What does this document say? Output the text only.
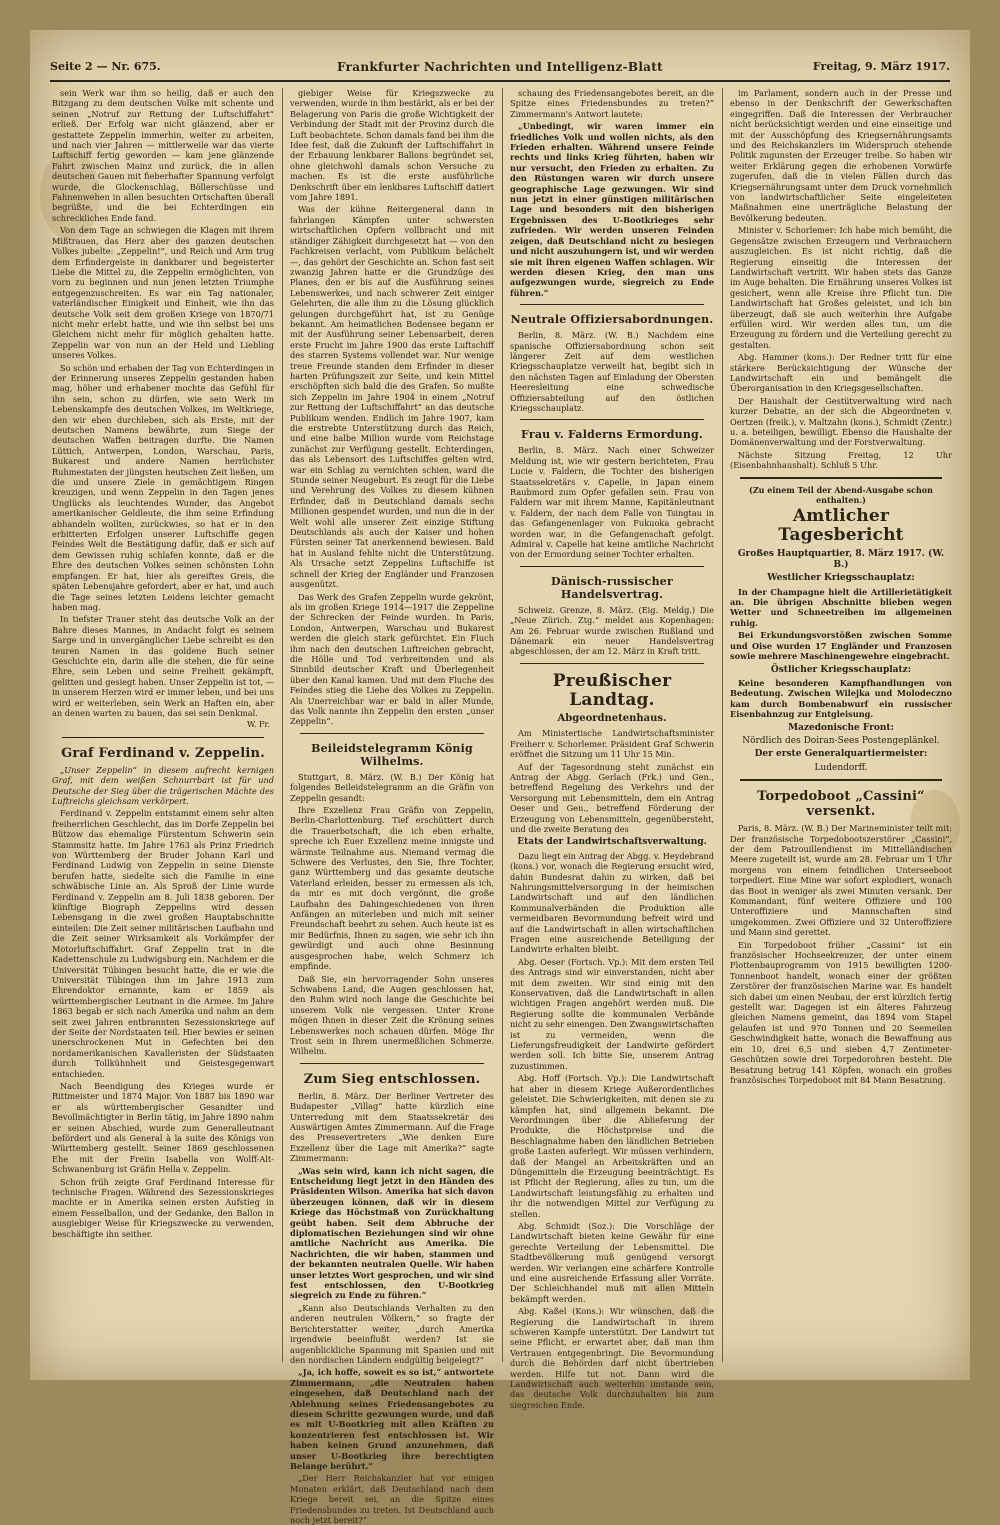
Seite 2 — Nr. 675.	Frankfurter Nachrichten und Intelligenz-Blatt	Freitag, 9. März 1917.

sein Werk war ihm so heilig, daß er auch den Bitzgang zu dem deutschen Volke mit schente und seinen „Notruf zur Rettung der Luftschiffahrt“ erließ. Der Erfolg war nicht glänzend, aber er gestattete Zeppelin immerhin, weiter zu arbeiten, und nach vier Jahren — mittlerweile war das vierte Luftschiff fertig geworden — kam jene glänzende Fahrt zwischen Mainz und zurück, die in allen deutschen Gauen mit fieberhafter Spannung verfolgt wurde, die Glockenschlag, Böllerschüsse und Fahnenwehen in allen besuchten Ortschaften überall begrüßte, und die bei Echterdingen ein schreckliches Ende fand.

Von dem Tage an schwiegen die Klagen mit ihrem Mißtrauen, das Herz aber des ganzen deutschen Volkes jubelte: „Zeppelin!“, und Reich und Arm trug dem Erfindergeiste in dankbarer und begeisterter Liebe die Mittel zu, die Zeppelin ermöglichten, von vorn zu beginnen und nun jenen letzten Triumphe entgegenzuschreiten. Es war ein Tag nationaler, vaterländischer Einigkeit und Einheit, wie ihn das deutsche Volk seit dem großen Kriege von 1870/71 nicht mehr erlebt hatte, und wie ihn selbst bei uns Gleichem nicht mehr für möglich gehalten hatte. Zeppelin war von nun an der Held und Liebling unseres Volkes.

So schön und erhaben der Tag von Echterdingen in der Erinnerung unseres Zeppelin gestanden haben mag, höher und erhabener mochte das Gefühl für ihn sein, schon zu dürfen, wie sein Werk im Lebenskampfe des deutschen Volkes, im Weltkriege, den wir eben durchleben, sich als Erste, mit der deutschen Namens bewährte, zum Siege der deutschen Waffen beitragen durfte. Die Namen Lüttich, Antwerpen, London, Warschau, Paris, Bukarest und andere Namen herrlichster Ruhmestaten der jüngsten heutschen Zeit ließen, um die und unsere Ziele in gemächtigem Ringen kreuzigen, und wenn Zeppelin in den Tagen jenes Unglücks als leuchtendes Wunder, das Angebot amerikanischer Geldleute, die ihm seine Erfindung abhandeln wollten, zurückwies, so hat er in den erbitterten Erfolgen unserer Luftschiffe gegen Feindes Welt die Bestätigung dafür, daß er sich auf dem Gewissen ruhig schlafen konnte, daß er die Ehre des deutschen Volkes seinen schönsten Lohn empfangen. Er hat, hier als gereiftes Greis, die späten Lebensjahre gefordert, aber er hat, und auch die Tage seines letzten Leidens leichter gemacht haben mag.

In tiefster Trauer steht das deutsche Volk an der Bahre dieses Mannes, in Andacht folgt es seinem Sarge und in unvergänglicher Liebe schreibt es den teuren Namen in das goldene Buch seiner Geschichte ein, darin alle die stehen, die für seine Ehre, sein Leben und seine Freiheit gekämpft, gelitten und gesiegt haben. Unser Zeppelin ist tot, — in unserem Herzen wird er immer leben, und bei uns wird er weiterleben, sein Werk an Haften ein, aber an denen warten zu bauen, das sei sein Denkmal.

W. Fr.
Graf Ferdinand v. Zeppelin.

„Unser Zeppelin“ in diesem aufrecht kernigen Graf, mit dem weißen Schnurrbart ist für und Deutsche der Sieg über die trägerischen Mächte des Luftreichs gleichsam verkörpert.

Ferdinand v. Zeppelin entstammt einem sehr alten freiherrlichen Geschlecht, das im Dorfe Zeppelin bei Bützow das ehemalige Fürstentum Schwerin sein Stammsitz hatte. Im Jahre 1763 als Prinz Friedrich von Württemberg der Bruder Johann Karl und Ferdinand Ludwig von Zeppelin in seine Dienste berufen hatte, siedelte sich die Familie in eine schwäbische Linie an. Als Sproß der Linie wurde Ferdinand v. Zeppelin am 8. Juli 1838 geboren. Der künftige Biograph Zeppelins wird dessen Lebensgang in die zwei großen Hauptabschnitte einteilen: Die Zeit seiner militärischen Laufbahn und die Zeit seiner Wirksamkeit als Vorkämpfer der Motorluftschiffahrt. Graf Zeppelin trat in die Kadettenschule zu Ludwigsburg ein. Nachdem er die Universität Tübingen besucht hatte, die er wie die Universität Tübingen ihm im Jahre 1913 zum Ehrendoktor ernannte, kam er 1859 als württembergischer Leutnant in die Armee. Im Jahre 1863 begab er sich nach Amerika und nahm an dem seit zwei Jahren entbrannten Sezessionskriege auf der Seite der Nordstaaten teil. Hier bewies er seinen unerschrockenen Mut in Gefechten bei den nordamerikanischen Kavalleristen der Südstaaten durch Tollkühnheit und Geistesgegenwart entschieden.

Nach Beendigung des Krieges wurde er Rittmeister und 1874 Major. Von 1887 bis 1890 war er als württembergischer Gesandter und Bevollmächtigter in Berlin tätig, im Jahre 1890 nahm er seinen Abschied, wurde zum Generalleutnant befördert und als General à la suite des Königs von Württemberg gestellt. Seiner 1869 geschlossenen Ehe mit der Freiin Isabella von Wolff-Alt-Schwanenburg ist Gräfin Hella v. Zeppelin.

Schon früh zeigte Graf Ferdinand Interesse für technische Fragen. Während des Sezessionskrieges machte er in Amerika seinen ersten Aufstieg in einem Fesselballon, und der Gedanke, den Ballon in ausgiebiger Weise für Kriegszwecke zu verwenden, beschäftigte ihn seither.

giebiger Weise für Kriegszwecke zu verwenden, wurde in ihm bestärkt, als er bei der Belagerung von Paris die große Wichtigkeit der Verbindung der Stadt mit der Provinz durch die Luft beobachtete. Schon damals fand bei ihm die Idee fest, daß die Zukunft der Luftschiffahrt in der Erbauung lenkbarer Ballons begründet sei, ohne gleichwohl damals schon Versuche zu machen. Es ist die erste ausführliche Denkschrift über ein lenkbares Luftschiff datiert vom Jahre 1891.

Was der kühne Reitergeneral dann in fahrlangen Kämpfen unter schwersten wirtschaftlichen Opfern vollbracht und mit ständiger Zähigkeit durchgesetzt hat — von den Fachkreisen verlacht, vom Publikum belächelt —, das gehört der Geschichte an. Schon fast seit zwanzig Jahren hatte er die Grundzüge des Planes, den er bis auf die Ausführung seines Lebenswerkes, und nach schwerer Zeit einiger Gelehrten, die alle ihm zu die Lösung glücklich gelungen durchgeführt hat, ist zu Genüge bekannt. Am heimatlichen Bodensee begann er mit der Ausführung seiner Lebensarbeit, deren erste Frucht im Jahre 1900 das erste Luftschiff des starren Systems vollendet war. Nur wenige treue Freunde standen dem Erfinder in dieser harten Prüfungszeit zur Seite, und kein Mittel erschöpften sich bald die des Grafen. So mußte sich Zeppelin im Jahre 1904 in einem „Notruf zur Rettung der Luftschiffahrt“ an das deutsche Publikum wenden. Endlich im Jahre 1907, kam die erstrebte Unterstützung durch das Reich, und eine halbe Million wurde vom Reichstage zunächst zur Verfügung gestellt. Echterdingen, das als Lebensort des Luftschiffes gelten wird, war ein Schlag zu vernichten schien, ward die Stunde seiner Neugeburt. Es zeugt für die Liebe und Verehrung des Volkes zu diesem kühnen Erfinder, daß in Deutschland damals sechs Millionen gespendet wurden, und nun die in der Welt wohl alle unserer Zeit einzige Stiftung Deutschlands als auch der Kaiser und hohen Fürsten seiner Tat anerkennend bewiesen. Bald hat in Ausland fehlte nicht die Unterstützung. Als Ursache setzt Zeppelins Luftschiffe ist schnell der Krieg der Engländer und Franzosen ausgenützt.

Das Werk des Grafen Zeppelin wurde gekrönt, als im großen Kriege 1914—1917 die Zeppeline der Schrecken der Feinde wurden. In Paris, London, Antwerpen, Warschau und Bukarest werden die gleich stark gefürchtet. Ein Fluch ihm nach den deutschen Luftreichen gebracht, die Hölle und Tod verbreitenden und als Sinnbild deutscher Kraft und Überlegenheit über den Kanal kamen. Und mit dem Fluche des Feindes stieg die Liebe des Volkes zu Zeppelin. Als Unerreichbar war er bald in aller Munde, das Volk nannte ihn Zeppelin den ersten „unser Zeppelin“.

Beileidstelegramm König Wilhelms.

Stuttgart, 8. März. (W. B.) Der König hat folgendes Beileidstelegramm an die Gräfin von Zeppelin gesandt:

Ihre Exzellenz Frau Gräfin von Zeppelin, Berlin-Charlottenburg. Tief erschüttert durch die Trauerbotschaft, die ich eben erhalte, spreche ich Euer Exzellenz meine innigste und wärmste Teilnahme aus. Niemand vermag die Schwere des Verlustes, den Sie, Ihre Tochter, ganz Württemberg und das gesamte deutsche Vaterland erleiden, besser zu ermessen als ich, da mir es mit doch vergönnt, die große Laufbahn des Dahingeschiedenen von ihren Anfängen an miterleben und mich mit seiner Freundschaft beehrt zu sehen. Auch heute ist es mir Bedürfnis, Ihnen zu sagen, wie sehr ich ihn gewürdigt und auch ohne Besinnung ausgesprochen habe, welch Schmerz ich empfinde.

Daß Sie, ein hervorragender Sohn unseres Schwabens Land, die Augen geschlossen hat, den Ruhm wird noch lange die Geschichte bei unserem Volk nie vergessen. Unter Krone mögen Ihnen in dieser Zeit die Krönung seines Lebenswerkes noch schauen dürfen. Möge Ihr Trost sein in Ihrem unermeßlichen Schmerze. Wilhelm.

Zum Sieg entschlossen.

Berlin, 8. März. Der Berliner Vertreter des Budapester „Villag“ hatte kürzlich eine Unterredung mit dem Staatssekretär des Auswärtigen Amtes Zimmermann. Auf die Frage des Pressevertreters „Wie denken Eure Exzellenz über die Lage mit Amerika?“ sagte Zimmermann:

„Was sein wird, kann ich nicht sagen, die Entscheidung liegt jetzt in den Händen des Präsidenten Wilson. Amerika hat sich davon überzeugen können, daß wir in diesem Kriege das Höchstmaß von Zurückhaltung geübt haben. Seit dem Abbruche der diplomatischen Beziehungen sind wir ohne amtliche Nachricht aus Amerika. Die Nachrichten, die wir haben, stammen und der bekannten neutralen Quelle. Wir haben unser letztes Wort gesprochen, und wir sind fest entschlossen, den U-Bootkrieg siegreich zu Ende zu führen.“

„Kann also Deutschlands Verhalten zu den anderen neutralen Völkern,“ so fragte der Berichterstatter weiter, „durch Amerika irgendwie beeinflußt werden? Ist sie augenblickliche Spannung mit Spanien und mit den nordischen Ländern endgültig beigelegt?“

„Ja, ich hoffe, soweit es so ist,“ antwortete Zimmermann, „die Neutralen haben eingesehen, daß Deutschland nach der Ablehnung seines Friedensangebotes zu diesem Schritte gezwungen wurde, und daß es mit U-Bootkrieg mit allen Kräften zu konzentrieren fest entschlossen ist. Wir haben keinen Grund anzunehmen, daß unser U-Bootkrieg ihre berechtigten Belange berührt.“

„Der Herr Reichskanzler hat vor einigen Monaten erklärt, daß Deutschland nach dem Kriege bereit sei, an die Spitze eines Friedensbundes zu treten. Ist Deutschland auch noch jetzt bereit?“

schaung des Friedensangebotes bereit, an die Spitze eines Friedensbundes zu treten?“ Zimmermann's Antwort lautete:

„Unbedingt, wir waren immer ein friedliches Volk und wollen nichts, als den Frieden erhalten. Während unsere Feinde rechts und links Krieg führten, haben wir nur versucht, den Frieden zu erhalten. Zu den Rüstungen waren wir durch unsere geographische Lage gezwungen. Wir sind nun jetzt in einer günstigen militärischen Lage und besonders mit den bisherigen Ergebnissen des U-Bootkrieges sehr zufrieden. Wir werden unseren Feinden zeigen, daß Deutschland nicht zu besiegen und nicht auszuhungern ist, und wir werden sie mit ihren eigenen Waffen schlagen. Wir werden diesen Krieg, den man uns aufgezwungen wurde, siegreich zu Ende führen.“

Neutrale Offiziersabordnungen.

Berlin, 8. März. (W. B.) Nachdem eine spanische Offiziersabordnung schon seit längerer Zeit auf dem westlichen Kriegsschauplatze verweilt hat, begibt sich in den nächsten Tagen auf Einladung der Obersten Heeresleitung eine schwedische Offiziersabteilung auf den östlichen Kriegsschauplatz.

Frau v. Falderns Ermordung.

Berlin, 8. März. Nach einer Schweizer Meldung ist, wie wir gestern berichteten, Frau Lucie v. Faldern, die Tochter des bisherigen Staatssekretärs v. Capelle, in Japan einem Raubmord zum Opfer gefallen sein. Frau von Faldern war mit ihrem Manne, Kapitänleutnant v. Faldern, der nach dem Falle von Tsingtau in das Gefangenenlager von Fukuoka gebracht worden war, in die Gefangenschaft gefolgt. Admiral v. Capelle hat keine amtliche Nachricht von der Ermordung seiner Tochter erhalten.

Dänisch-russischer Handelsvertrag.

Schweiz. Grenze, 8. März. (Eig. Meldg.) Die „Neue Zürich. Ztg.“ meldet aus Kopenhagen: Am 26. Februar wurde zwischen Rußland und Dänemark ein neuer Handelsvertrag abgeschlossen, der am 12. März in Kraft tritt.

Preußischer Landtag.
Abgeordnetenhaus.

Am Ministertische Landwirtschaftsminister Freiherr v. Schorlemer. Präsident Graf Schwerin eröffnet die Sitzung um 11 Uhr 15 Min.

Auf der Tagesordnung steht zunächst ein Antrag der Abgg. Gerlach (Frk.) und Gen., betreffend Regelung des Verkehrs und der Versorgung mit Lebensmitteln, dem ein Antrag Oeser und Gen., betreffend Förderung der Erzeugung von Lebensmitteln, gegenübersteht, und die zweite Beratung des

Etats der Landwirtschaftsverwaltung.

Dazu liegt ein Antrag der Abgg. v. Heydebrand (kons.) vor, wonach die Regierung ersucht wird, dahin Bundesrat dahin zu wirken, daß bei Nahrungsmittelversorgung in der heimischen Landwirtschaft und auf den ländlichen Kommunalverbänden die Produktion alle vermeidbaren Bevormundung befreit wird und auf die Landwirtschaft in allen wirtschaftlichen Fragen eine ausreichende Beteiligung der Landwirte erhalten bleibt.

Abg. Oeser (Fortsch. Vp.): Mit dem ersten Teil des Antrags sind wir einverstanden, nicht aber mit dem zweiten. Wir sind einig mit den Konservativen, daß die Landwirtschaft in allen wichtigen Fragen angehört werden muß. Die Regierung sollte die kommunalen Verbände nicht zu sehr einengen. Den Zwangswirtschaften ist zu vermeiden, wenn die Lieferungsfreudigkeit der Landwirte gefördert werden soll. Ich bitte Sie, unserem Antrag zuzustimmen.

Abg. Hoff (Fortsch. Vp.): Die Landwirtschaft hat aber in diesem Kriege Außerordentliches geleistet. Die Schwierigkeiten, mit denen sie zu kämpfen hat, sind allgemein bekannt. Die Verordnungen über die Ablieferung der Produkte, die Höchstpreise und die Beschlagnahme haben den ländlichen Betrieben große Lasten auferlegt. Wir müssen verhindern, daß der Mangel an Arbeitskräften und an Düngemitteln die Erzeugung beeinträchtigt. Es ist Pflicht der Regierung, alles zu tun, um die Landwirtschaft leistungsfähig zu erhalten und ihr die notwendigen Mittel zur Verfügung zu stellen.

Abg. Schmidt (Soz.): Die Vorschläge der Landwirtschaft bieten keine Gewähr für eine gerechte Verteilung der Lebensmittel. Die Stadtbevölkerung muß genügend versorgt werden. Wir verlangen eine schärfere Kontrolle und eine ausreichende Erfassung aller Vorräte. Der Schleichhandel muß mit allen Mitteln bekämpft werden.

Abg. Kaßel (Kons.): Wir wünschen, daß die Regierung die Landwirtschaft in ihrem schweren Kampfe unterstützt. Der Landwirt tut seine Pflicht, er erwartet aber, daß man ihm Vertrauen entgegenbringt. Die Bevormundung durch die Behörden darf nicht übertrieben werden. Hilfe tut not. Dann wird die Landwirtschaft auch weiterhin imstande sein, das deutsche Volk durchzuhalten bis zum siegreichen Ende.

im Parlament, sondern auch in der Presse und ebenso in der Denkschrift der Gewerkschaften eingegriffen. Daß die Interessen der Verbraucher nicht berücksichtigt werden und eine einseitige und mit der Ausschöpfung des Kriegsernährungsamts und des Reichskanzlers im Widerspruch stehende Politik zugunsten der Erzeuger treibe. So haben wir weiter Erklärung gegen die erhobenen Vorwürfe zugerufen, daß die in vielen Fällen durch das Kriegsernährungsamt unter dem Druck vornehmlich von landwirtschaftlicher Seite eingeleiteten Maßnahmen eine unerträgliche Belastung der Bevölkerung bedeuten.

Minister v. Schorlemer: Ich habe mich bemüht, die Gegensätze zwischen Erzeugern und Verbrauchern auszugleichen. Es ist nicht richtig, daß die Regierung einseitig die Interessen der Landwirtschaft vertritt. Wir haben stets das Ganze im Auge behalten. Die Ernährung unseres Volkes ist gesichert, wenn alle Kreise ihre Pflicht tun. Die Landwirtschaft hat Großes geleistet, und ich bin überzeugt, daß sie auch weiterhin ihre Aufgabe erfüllen wird. Wir werden alles tun, um die Erzeugung zu fördern und die Verteilung gerecht zu gestalten.

Abg. Hammer (kons.): Der Redner tritt für eine stärkere Berücksichtigung der Wünsche der Landwirtschaft ein und bemängelt die Überorganisation in den Kriegsgesellschaften.

Der Haushalt der Gestütverwaltung wird nach kurzer Debatte, an der sich die Abgeordneten v. Oertzen (freik.), v. Maltzahn (kons.), Schmidt (Zentr.) u. a. beteiligen, bewilligt. Ebenso die Haushalte der Domänenverwaltung und der Forstverwaltung.

Nächste Sitzung Freitag, 12 Uhr (Eisenbahnhaushalt). Schluß 5 Uhr.

(Zu einem Teil der Abend-Ausgabe schon enthalten.)
Amtlicher Tagesbericht
Großes Hauptquartier, 8. März 1917. (W. B.)
Westlicher Kriegsschauplatz:

In der Champagne hielt die Artillerietätigkeit an. Die übrigen Abschnitte blieben wegen Wetter und Schneetreiben im allgemeinen ruhig.

Bei Erkundungsvorstößen zwischen Somme und Oise wurden 17 Engländer und Franzosen sowie mehrere Maschinengewehre eingebracht.

Östlicher Kriegsschauplatz:

Keine besonderen Kampfhandlungen von Bedeutung. Zwischen Wilejka und Molodeczno kam durch Bombenabwurf ein russischer Eisenbahnzug zur Entgleisung.

Mazedonische Front:
Nördlich des Doiran-Sees Postengeplänkel.
Der erste Generalquartiermeister:
Ludendorff.
Torpedoboot „Cassini“ versenkt.

Paris, 8. März. (W. B.) Der Marineminister teilt mit: Der französische Torpedobootszerstörer „Cassini“, der dem Patrouillendienst im Mittelländischen Meere zugeteilt ist, wurde am 28. Februar um 1 Uhr morgens von einem feindlichen Unterseeboot torpediert. Eine Mine war sofort explodiert, wonach das Boot in weniger als zwei Minuten versank. Der Kommandant, fünf weitere Offiziere und 100 Unteroffiziere und Mannschaften sind umgekommen. Zwei Offiziere und 32 Unteroffiziere und Mann sind gerettet.

Ein Torpedoboot früher „Cassini“ ist ein französischer Hochseekreuzer, der unter einem Flottenbauprogramm von 1915 bewilligten 1200-Tonnenboot handelt, wonach einer der größten Zerstörer der französischen Marine war. Es handelt sich dabei um einen Neubau, der erst kürzlich fertig gestellt war. Dagegen ist ein älteres Fahrzeug gleichen Namens gemeint, das 1894 vom Stapel gelaufen ist und 970 Tonnen und 20 Seemeilen Geschwindigkeit hatte, wonach die Bewaffnung aus ein 10, drei 6,5 und sieben 4,7 Zentimeter-Geschützen sowie drei Torpedorohren besteht. Die Besatzung betrug 141 Köpfen, wonach ein großes französisches Torpedoboot mit 84 Mann Besatzung.
